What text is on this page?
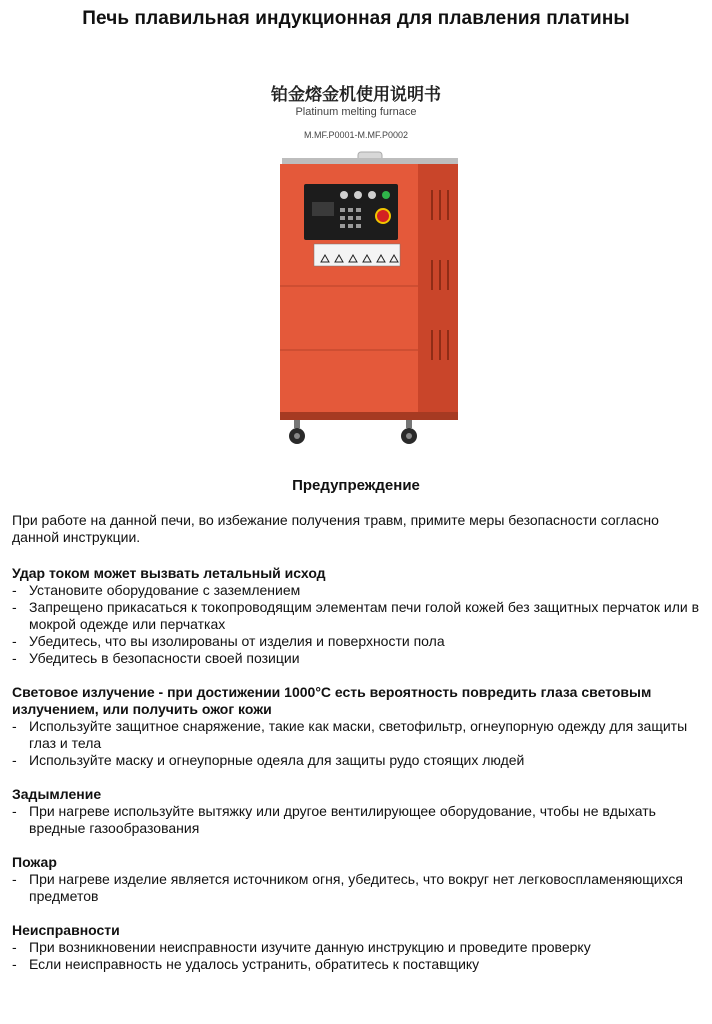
Печь плавильная индукционная для плавления платины
铂金熔金机使用说明书
Platinum melting furnace
M.MF.P0001-M.MF.P0002
Предупреждение

При работе на данной печи, во избежание получения травм, примите меры безопасности согласно данной инструкции.

Удар током может вызвать летальный исход

- Установите оборудование с заземлением
- Запрещено прикасаться к токопроводящим элементам печи голой кожей без защитных перчаток или в мокрой одежде или перчатках
- Убедитесь, что вы изолированы от изделия и поверхности пола
- Убедитесь в безопасности своей позиции

Световое излучение - при достижении 1000°C есть вероятность повредить глаза световым излучением, или получить ожог кожи

- Используйте защитное снаряжение, такие как маски, светофильтр, огнеупорную одежду для защиты глаз и тела
- Используйте маску и огнеупорные одеяла для защиты рудо стоящих людей

Задымление

- При нагреве используйте вытяжку или другое вентилирующее оборудование, чтобы не вдыхать вредные газообразования

Пожар

- При нагреве изделие является источником огня, убедитесь, что вокруг нет легковоспламеняющихся предметов

Неисправности

- При возникновении неисправности изучите данную инструкцию и проведите проверку
- Если неисправность не удалось устранить, обратитесь к поставщику
